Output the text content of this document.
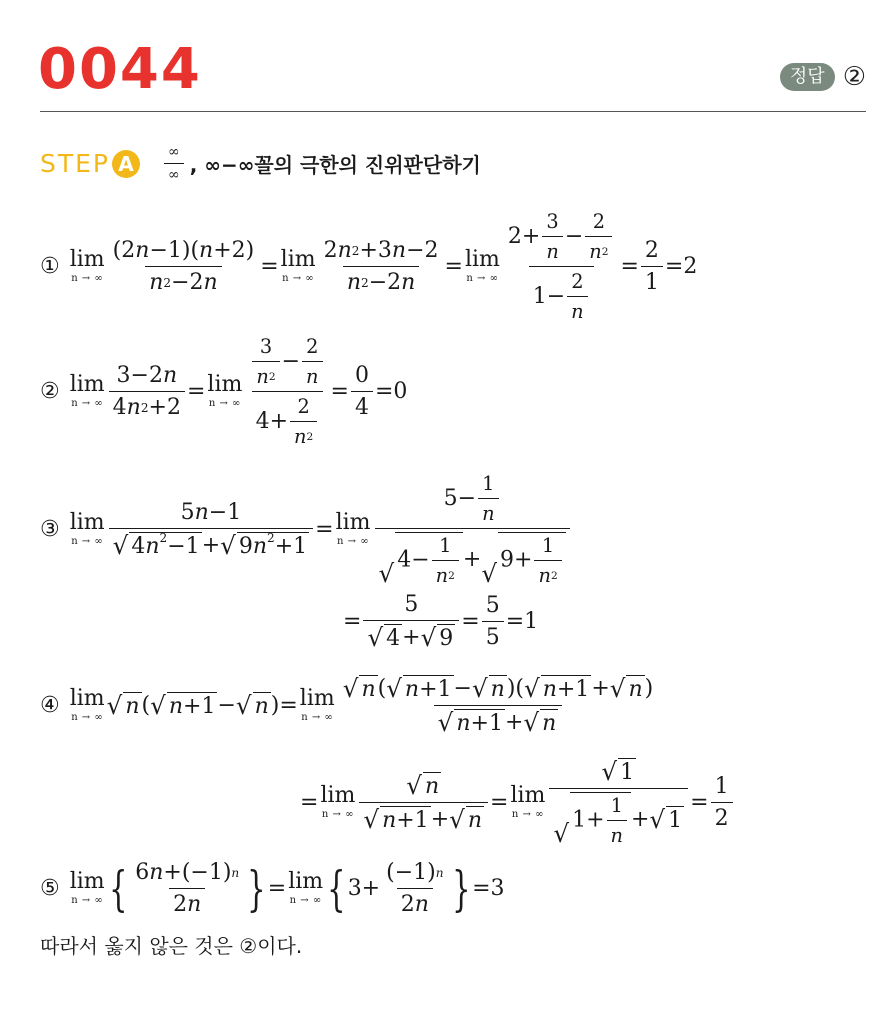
0044	정답 ②
STEP A	$\frac{\infty}{\infty}$ , ∞−∞꼴의 극한의 진위판단하기
① lim
n → ∞ $\frac{(2 n -1)( n +2)}{n 2 -2 n} = \lim$
n → ∞ $\frac{2 n 2 +3 n -2}{n 2 -2 n} = \lim$
n → ∞ $\frac{2+ \frac{3}{n} - \frac{2}{n 2}}{1- \frac{2}{n}} = \frac{2}{1} =2$
② lim
n → ∞ $\frac{3-2 n}{4 n 2 +2} = \lim$
n → ∞ $\frac{\frac{3}{n 2} - \frac{2}{n}}{4+ \frac{2}{n 2}} = \frac{0}{4} =0$
③ lim
n → ∞ $\frac{5 n -1}{√ 4n^2-1 + √ 9n^2+1} = \lim$
n → ∞ $\frac{5- \frac{1}{n}}{√ 4- \frac{1}{n 2} + √ 9+ \frac{1}{n 2}}$
= $\frac{5}{√ 4 + √ 9} = \frac{5}{5} =1$
④ lim
n → ∞ √ n ( √ n+1 − √ n )= lim
n → ∞ $\frac{√ n ( √ n+1 - √ n )( √ n+1 + √ n )}{√ n+1 + √ n}$
= lim
n → ∞ $\frac{√ n}{√ n+1 + √ n} = \lim$
n → ∞ $\frac{√ 1}{√ 1+ \frac{1}{n} + √ 1} = \frac{1}{2}$
⑤ lim
n → ∞ { $\frac{6 n +(-1) n}{2 n}$ } = lim
n → ∞ { $3+ \frac{(-1) n}{2 n}$ } =3
따라서 옳지 않은 것은 ②이다.
